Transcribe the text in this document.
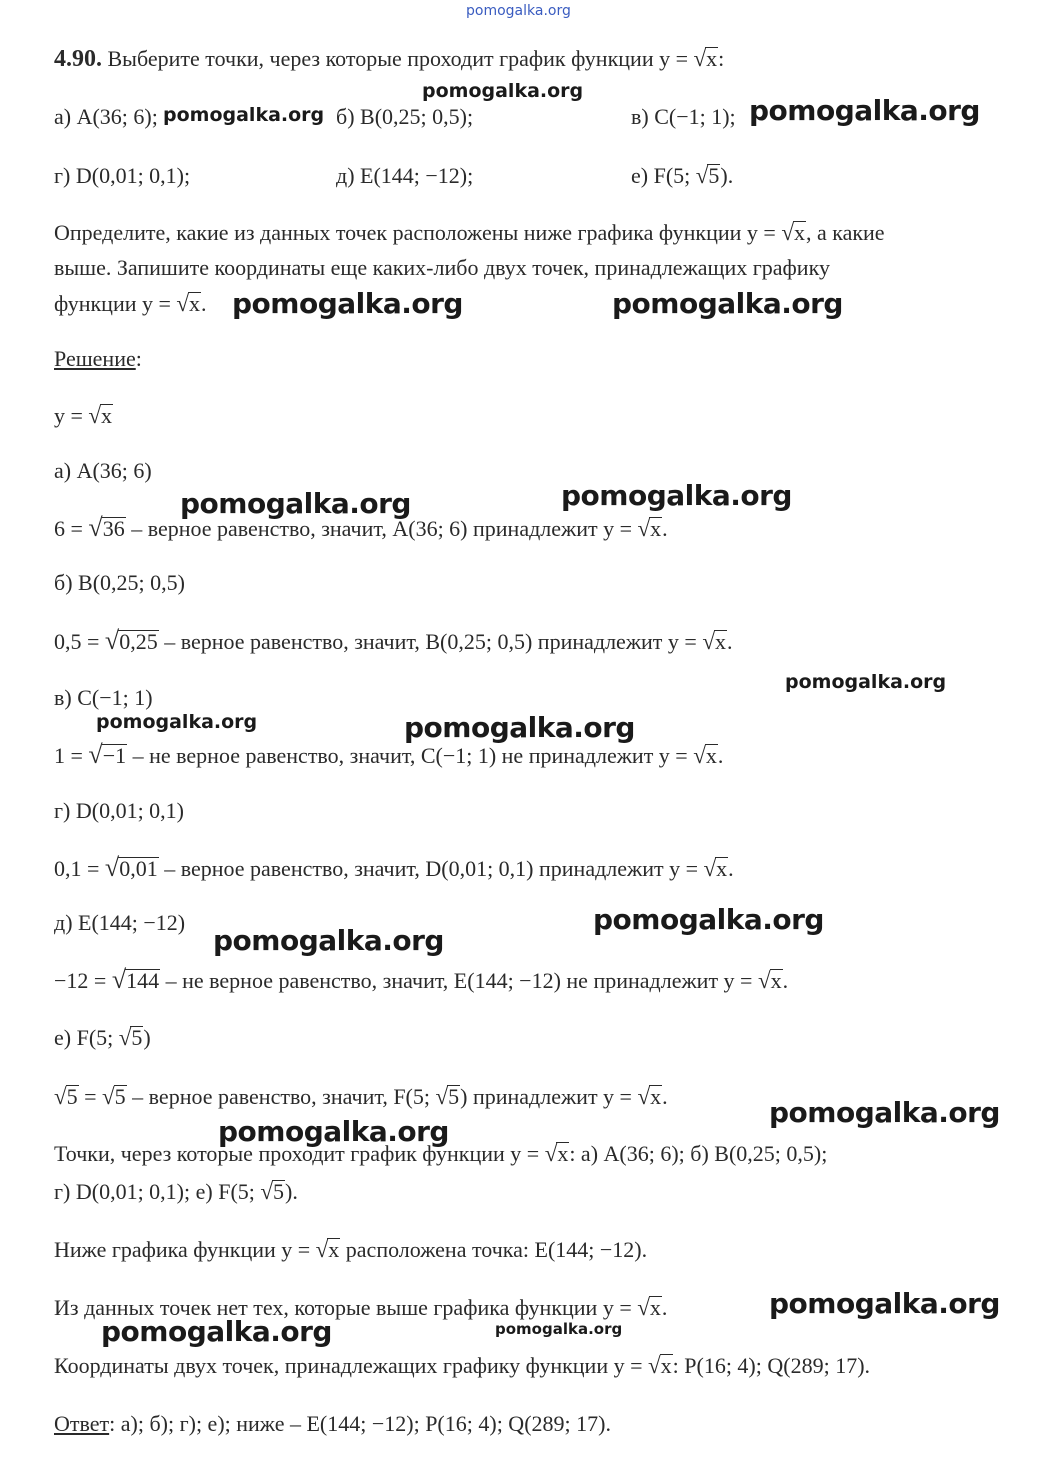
pomogalka.org
pomogalka.org
pomogalka.org	pomogalka.org
pomogalka.org	pomogalka.org
pomogalka.org	pomogalka.org
pomogalka.org
pomogalka.org	pomogalka.org
pomogalka.org
pomogalka.org
pomogalka.org
pomogalka.org
pomogalka.org
pomogalka.org	pomogalka.org
4.90. Выберите точки, через которые проходит график функции y = √x:
а) A(36; 6);	б) B(0,25; 0,5);	в) C(−1; 1);
г) D(0,01; 0,1);	д) E(144; −12);	е) F(5; √5).
Определите, какие из данных точек расположены ниже графика функции y = √x, а какие
выше. Запишите координаты еще каких-либо двух точек, принадлежащих графику
функции y = √x.
Решение:
y = √x
а) A(36; 6)
6 = √36 – верное равенство, значит, A(36; 6) принадлежит y = √x.
б) B(0,25; 0,5)
0,5 = √0,25 – верное равенство, значит, B(0,25; 0,5) принадлежит y = √x.
в) C(−1; 1)
1 = √−1 – не верное равенство, значит, C(−1; 1) не принадлежит y = √x.
г) D(0,01; 0,1)
0,1 = √0,01 – верное равенство, значит, D(0,01; 0,1) принадлежит y = √x.
д) E(144; −12)
−12 = √144 – не верное равенство, значит, E(144; −12) не принадлежит y = √x.
е) F(5; √5)
√5 = √5 – верное равенство, значит, F(5; √5) принадлежит y = √x.
Точки, через которые проходит график функции y = √x: а) A(36; 6); б) B(0,25; 0,5);
г) D(0,01; 0,1); е) F(5; √5).
Ниже графика функции y = √x расположена точка: E(144; −12).
Из данных точек нет тех, которые выше графика функции y = √x.
Координаты двух точек, принадлежащих графику функции y = √x: P(16; 4); Q(289; 17).
Ответ: а); б); г); е); ниже – E(144; −12); P(16; 4); Q(289; 17).
